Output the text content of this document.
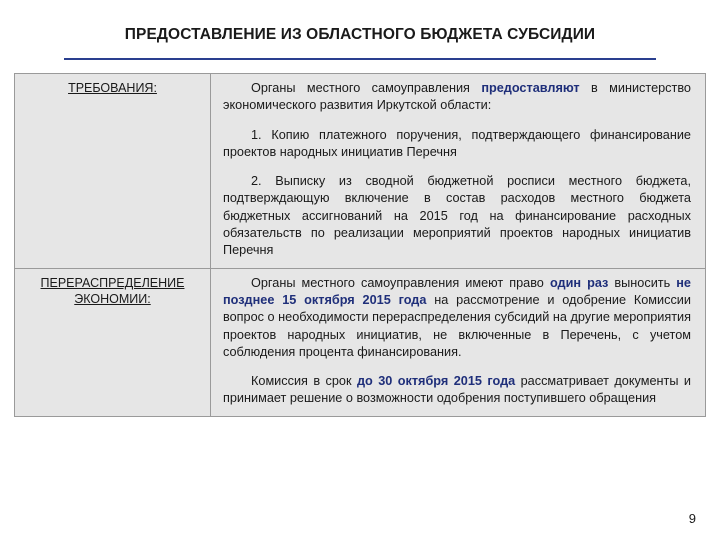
ПРЕДОСТАВЛЕНИЕ ИЗ ОБЛАСТНОГО БЮДЖЕТА СУБСИДИИ
ТРЕБОВАНИЯ:	Органы местного самоуправления предоставляют в министерство экономического развития Иркутской области:

1. Копию платежного поручения, подтверждающего финансирование проектов народных инициатив Перечня

2. Выписку из сводной бюджетной росписи местного бюджета, подтверждающую включение в состав расходов местного бюджета бюджетных ассигнований на 2015 год на финансирование расходных обязательств по реализации мероприятий проектов народных инициатив Перечня

ПЕРЕРАСПРЕДЕЛЕНИЕ ЭКОНОМИИ:

Органы местного самоуправления имеют право один раз выносить не позднее 15 октября 2015 года на рассмотрение и одобрение Комиссии вопрос о необходимости перераспределения субсидий на другие мероприятия проектов народных инициатив, не включенные в Перечень, с учетом соблюдения процента финансирования.

Комиссия в срок до 30 октября 2015 года рассматривает документы и принимает решение о возможности одобрения поступившего обращения

9
